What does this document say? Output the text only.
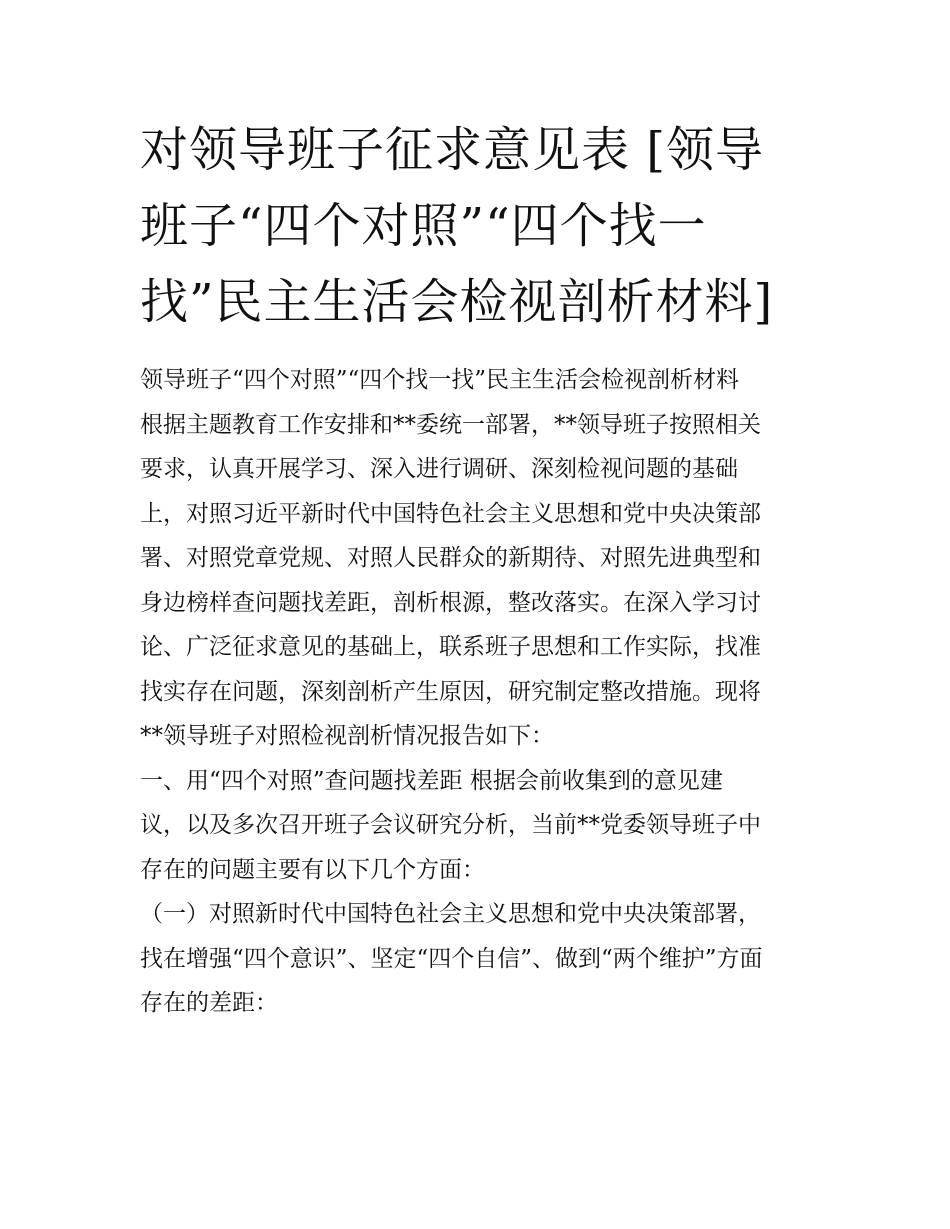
对领导班子征求意见表 [领导
班子“四个对照”“四个找一
找”民主生活会检视剖析材料]
领导班子“四个对照”“四个找一找”民主生活会检视剖析材料
根据主题教育工作安排和**委统一部署，**领导班子按照相关
要求，认真开展学习、深入进行调研、深刻检视问题的基础
上，对照习近平新时代中国特色社会主义思想和党中央决策部
署、对照党章党规、对照人民群众的新期待、对照先进典型和
身边榜样查问题找差距，剖析根源，整改落实。在深入学习讨
论、广泛征求意见的基础上，联系班子思想和工作实际，找准
找实存在问题，深刻剖析产生原因，研究制定整改措施。现将
**领导班子对照检视剖析情况报告如下：
一、用“四个对照”查问题找差距 根据会前收集到的意见建
议，以及多次召开班子会议研究分析，当前**党委领导班子中
存在的问题主要有以下几个方面：
（一）对照新时代中国特色社会主义思想和党中央决策部署，
找在增强“四个意识”、坚定“四个自信”、做到“两个维护”方面
存在的差距：
